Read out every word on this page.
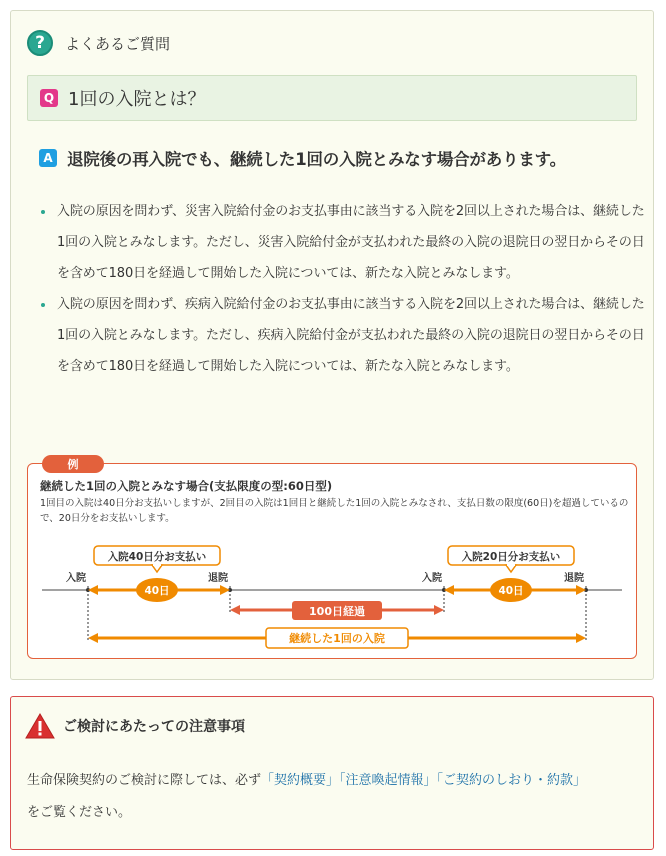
?	よくあるご質問
Q 1回の入院とは？
A 退院後の再入院でも、継続した1回の入院とみなす場合があります。
入院の原因を問わず、災害入院給付金のお支払事由に該当する入院を2回以上された場合は、継続した1回の入院とみなします。ただし、災害入院給付金が支払われた最終の入院の退院日の翌日からその日を含めて180日を経過して開始した入院については、新たな入院とみなします。
入院の原因を問わず、疾病入院給付金のお支払事由に該当する入院を2回以上された場合は、継続した1回の入院とみなします。ただし、疾病入院給付金が支払われた最終の入院の退院日の翌日からその日を含めて180日を経過して開始した入院については、新たな入院とみなします。
例
継続した1回の入院とみなす場合(支払限度の型:60日型)
1回目の入院は40日分お支払いしますが、2回目の入院は1回目と継続した1回の入院とみなされ、支払日数の限度(60日)を超過しているので、20日分をお支払いします。
入院	退院	入院	退院
入院40日分お支払い
40日
入院20日分お支払い
40日
100日経過
継続した1回の入院
ご検討にあたっての注意事項
生命保険契約のご検討に際しては、必ず「契約概要」「注意喚起情報」「ご契約のしおり・約款」
をご覧ください。
